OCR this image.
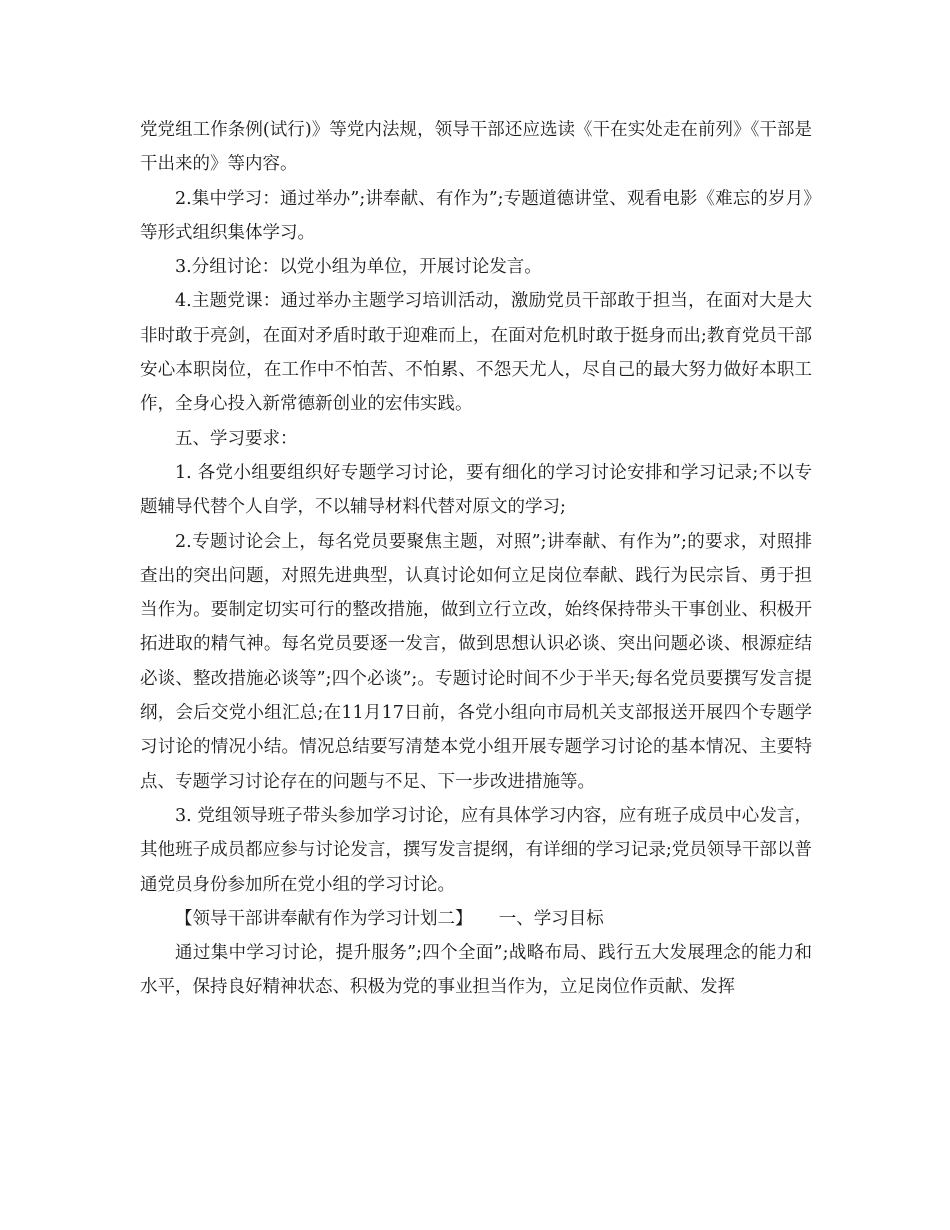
党党组工作条例(试行)》等党内法规，领导干部还应选读《干在实处走在前列》《干部是干出来的》等内容。

2.集中学习：通过举办”;讲奉献、有作为”;专题道德讲堂、观看电影《难忘的岁月》等形式组织集体学习。

3.分组讨论：以党小组为单位，开展讨论发言。

4.主题党课：通过举办主题学习培训活动，激励党员干部敢于担当，在面对大是大非时敢于亮剑，在面对矛盾时敢于迎难而上，在面对危机时敢于挺身而出;教育党员干部安心本职岗位，在工作中不怕苦、不怕累、不怨天尤人，尽自己的最大努力做好本职工作，全身心投入新常德新创业的宏伟实践。

五、学习要求：

1. 各党小组要组织好专题学习讨论，要有细化的学习讨论安排和学习记录;不以专题辅导代替个人自学，不以辅导材料代替对原文的学习;

2.专题讨论会上，每名党员要聚焦主题，对照”;讲奉献、有作为”;的要求，对照排查出的突出问题，对照先进典型，认真讨论如何立足岗位奉献、践行为民宗旨、勇于担当作为。要制定切实可行的整改措施，做到立行立改，始终保持带头干事创业、积极开拓进取的精气神。每名党员要逐一发言，做到思想认识必谈、突出问题必谈、根源症结必谈、整改措施必谈等”;四个必谈”;。专题讨论时间不少于半天;每名党员要撰写发言提纲，会后交党小组汇总;在11月17日前，各党小组向市局机关支部报送开展四个专题学习讨论的情况小结。情况总结要写清楚本党小组开展专题学习讨论的基本情况、主要特点、专题学习讨论存在的问题与不足、下一步改进措施等。

3. 党组领导班子带头参加学习讨论，应有具体学习内容，应有班子成员中心发言，其他班子成员都应参与讨论发言，撰写发言提纲，有详细的学习记录;党员领导干部以普通党员身份参加所在党小组的学习讨论。

【领导干部讲奉献有作为学习计划二】　　一、学习目标

通过集中学习讨论，提升服务”;四个全面”;战略布局、践行五大发展理念的能力和水平，保持良好精神状态、积极为党的事业担当作为，立足岗位作贡献、发挥
